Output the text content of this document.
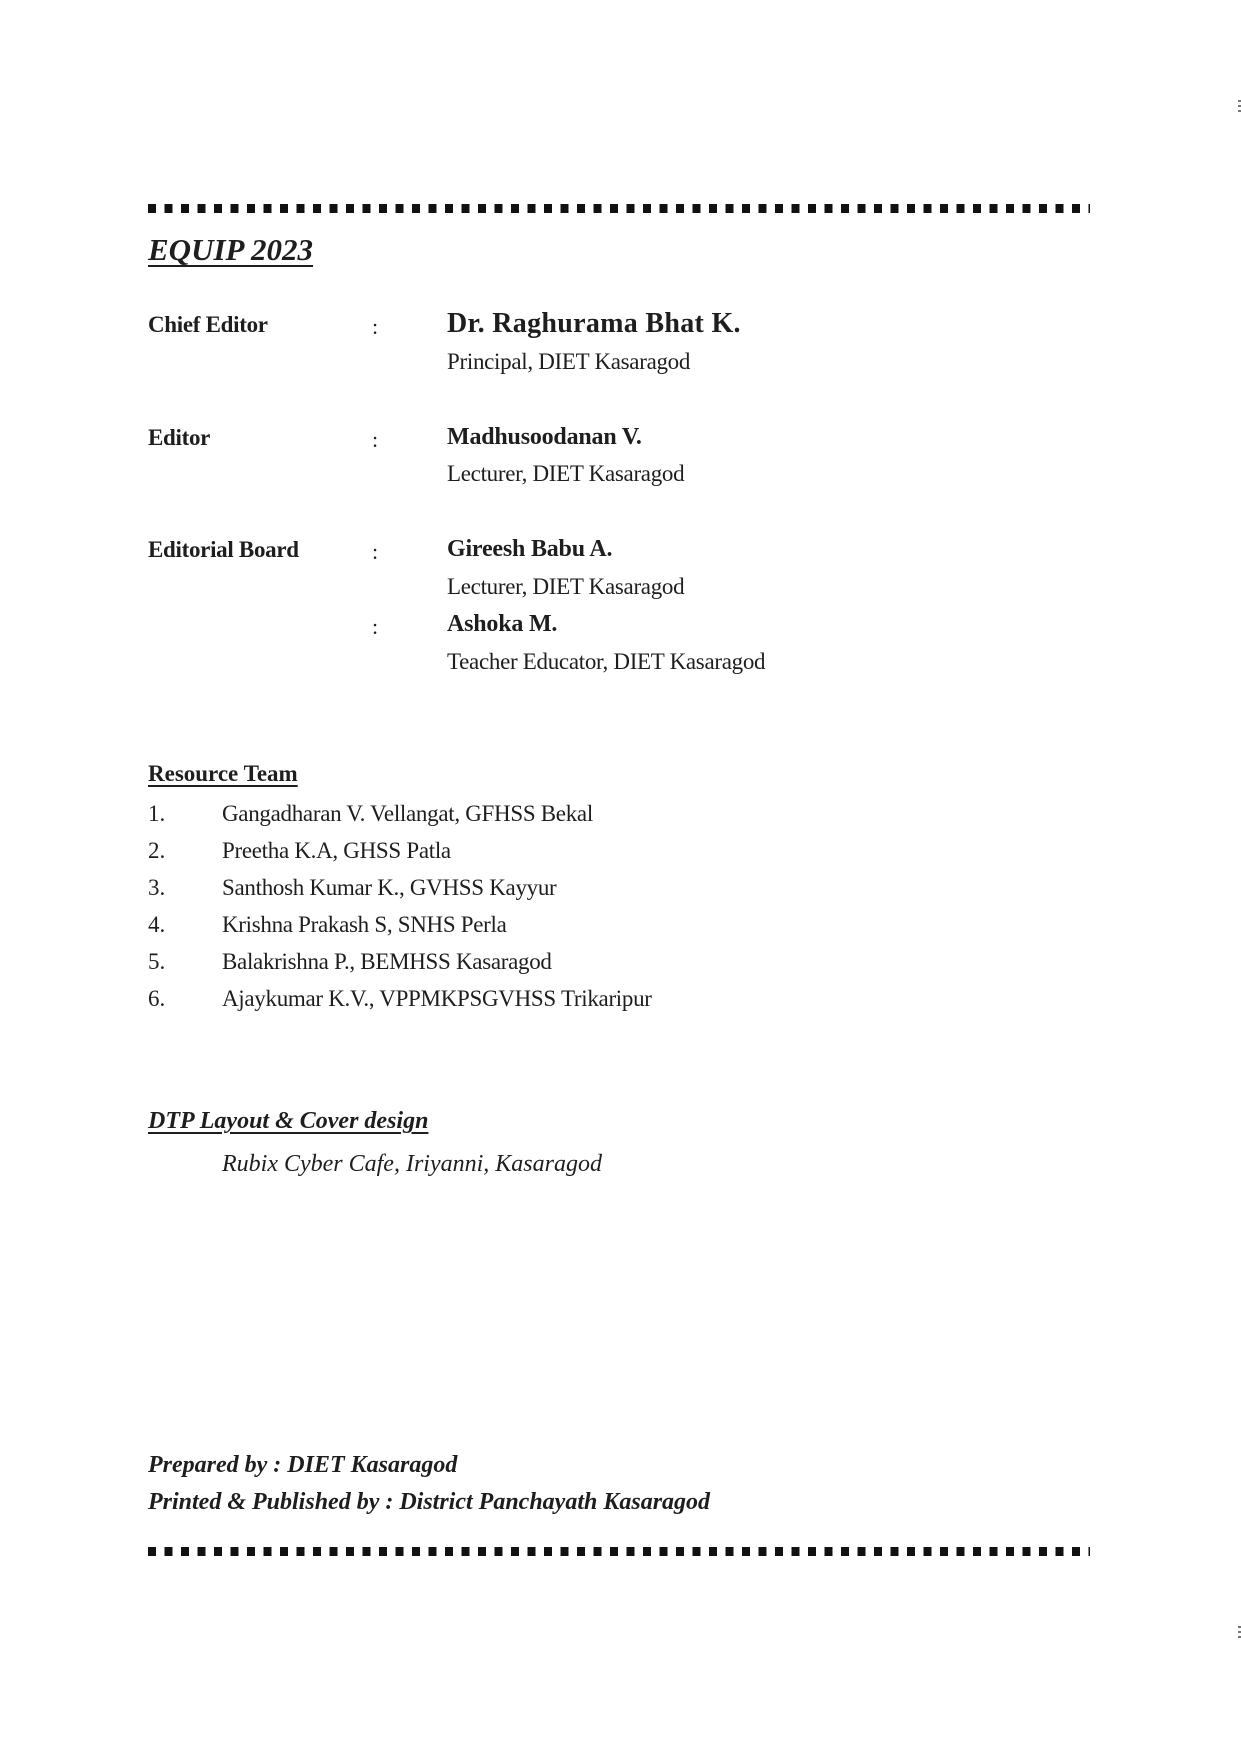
EQUIP 2023
Chief Editor	: Dr. Raghurama Bhat K.
Principal, DIET Kasaragod
Editor	:	Madhusoodanan V.
Lecturer, DIET Kasaragod
Editorial Board	:	Gireesh Babu A.
Lecturer, DIET Kasaragod
:	Ashoka M.
Teacher Educator, DIET Kasaragod
Resource Team
1. Gangadharan V. Vellangat, GFHSS Bekal
2. Preetha K.A, GHSS Patla
3. Santhosh Kumar K., GVHSS Kayyur
4. Krishna Prakash S, SNHS Perla
5. Balakrishna P., BEMHSS Kasaragod
6. Ajaykumar K.V., VPPMKPSGVHSS Trikaripur
DTP Layout & Cover design
Rubix Cyber Cafe, Iriyanni, Kasaragod
Prepared by : DIET Kasaragod
Printed & Published by : District Panchayath Kasaragod
